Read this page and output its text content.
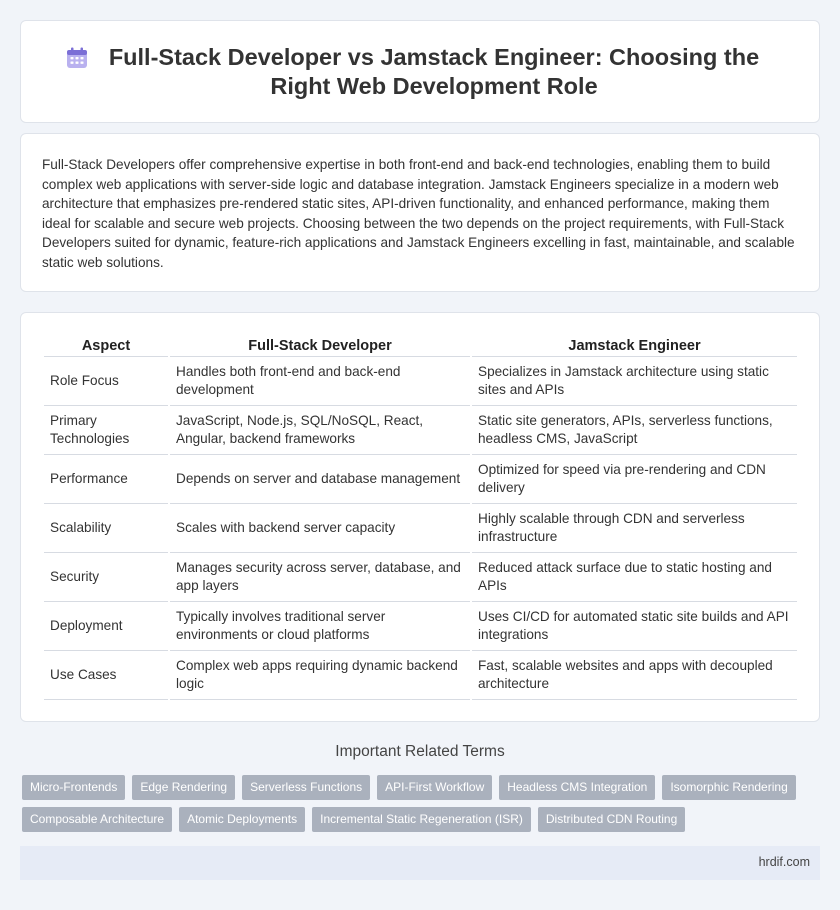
Full-Stack Developer vs Jamstack Engineer: Choosing the Right Web Development Role

Full-Stack Developers offer comprehensive expertise in both front-end and back-end technologies, enabling them to build complex web applications with server-side logic and database integration. Jamstack Engineers specialize in a modern web architecture that emphasizes pre-rendered static sites, API-driven functionality, and enhanced performance, making them ideal for scalable and secure web projects. Choosing between the two depends on the project requirements, with Full-Stack Developers suited for dynamic, feature-rich applications and Jamstack Engineers excelling in fast, maintainable, and scalable static web solutions.

Aspect	Full-Stack Developer	Jamstack Engineer
Role Focus	Handles both front-end and back-end development	Specializes in Jamstack architecture using static sites and APIs
Primary Technologies	JavaScript, Node.js, SQL/NoSQL, React, Angular, backend frameworks	Static site generators, APIs, serverless functions, headless CMS, JavaScript
Performance	Depends on server and database management	Optimized for speed via pre-rendering and CDN delivery
Scalability	Scales with backend server capacity	Highly scalable through CDN and serverless infrastructure
Security	Manages security across server, database, and app layers	Reduced attack surface due to static hosting and APIs
Deployment	Typically involves traditional server environments or cloud platforms	Uses CI/CD for automated static site builds and API integrations
Use Cases	Complex web apps requiring dynamic backend logic	Fast, scalable websites and apps with decoupled architecture
Important Related Terms
Micro-Frontends	Edge Rendering	Serverless Functions	API-First Workflow	Headless CMS Integration	Isomorphic Rendering
Composable Architecture	Atomic Deployments	Incremental Static Regeneration (ISR)	Distributed CDN Routing
hrdif.com
